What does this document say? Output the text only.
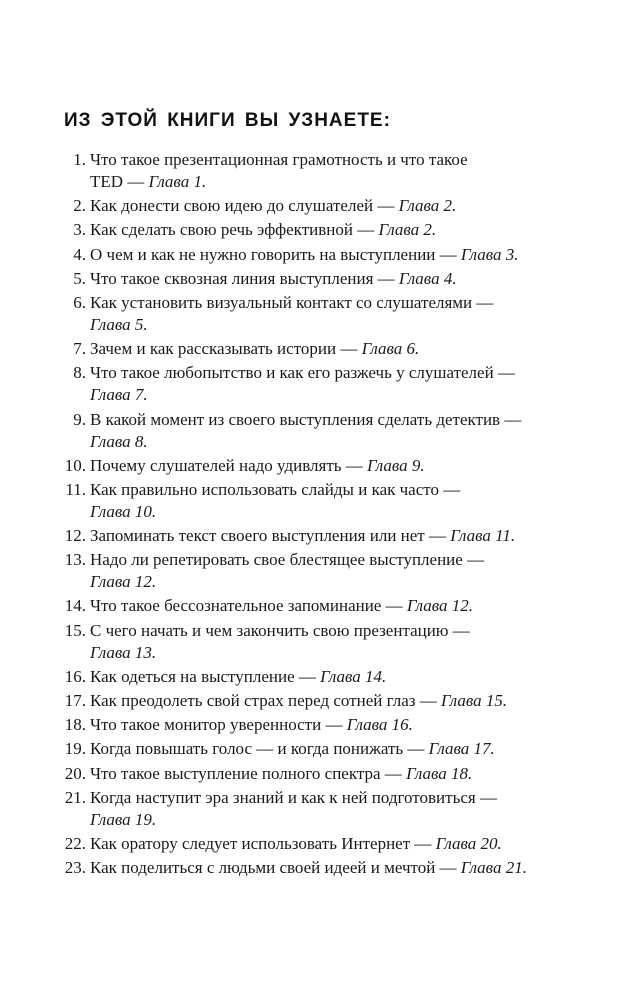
ИЗ ЭТОЙ КНИГИ ВЫ УЗНАЕТЕ:
1. Что такое презентационная грамотность и что такое
TED — Глава 1.
2. Как донести свою идею до слушателей — Глава 2.
3. Как сделать свою речь эффективной — Глава 2.
4. О чем и как не нужно говорить на выступлении — Глава 3.
5. Что такое сквозная линия выступления — Глава 4.
6. Как установить визуальный контакт со слушателями —
Глава 5.
7. Зачем и как рассказывать истории — Глава 6.
8. Что такое любопытство и как его разжечь у слушателей —
Глава 7.
9. В какой момент из своего выступления сделать детектив —
Глава 8.
10. Почему слушателей надо удивлять — Глава 9.
11. Как правильно использовать слайды и как часто —
Глава 10.
12. Запоминать текст своего выступления или нет — Глава 11.
13. Надо ли репетировать свое блестящее выступление —
Глава 12.
14. Что такое бессознательное запоминание — Глава 12.
15. С чего начать и чем закончить свою презентацию —
Глава 13.
16. Как одеться на выступление — Глава 14.
17. Как преодолеть свой страх перед сотней глаз — Глава 15.
18. Что такое монитор уверенности — Глава 16.
19. Когда повышать голос — и когда понижать — Глава 17.
20. Что такое выступление полного спектра — Глава 18.
21. Когда наступит эра знаний и как к ней подготовиться —
Глава 19.
22. Как оратору следует использовать Интернет — Глава 20.
23. Как поделиться с людьми своей идеей и мечтой — Глава 21.
